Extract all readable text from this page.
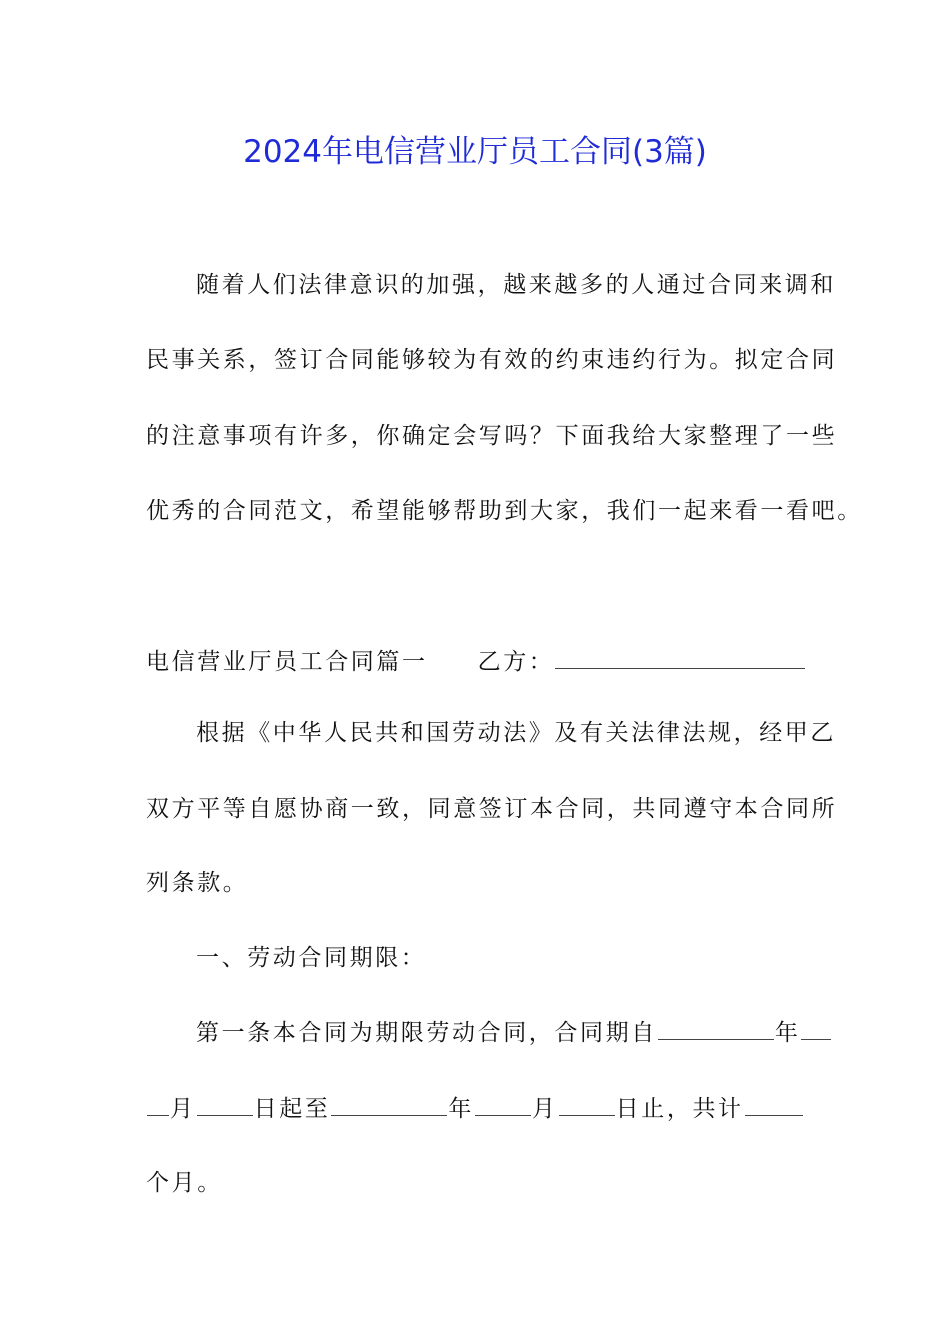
2024年电信营业厅员工合同(3篇)
随着人们法律意识的加强，越来越多的人通过合同来调和
民事关系，签订合同能够较为有效的约束违约行为。拟定合同
的注意事项有许多，你确定会写吗？下面我给大家整理了一些
优秀的合同范文，希望能够帮助到大家，我们一起来看一看吧。
电信营业厅员工合同篇一 乙方：
根据《中华人民共和国劳动法》及有关法律法规，经甲乙
双方平等自愿协商一致，同意签订本合同，共同遵守本合同所
列条款。
一、劳动合同期限：
第一条本合同为期限劳动合同，合同期自	年
月	日起至	年	月	日止，共计
个月。
